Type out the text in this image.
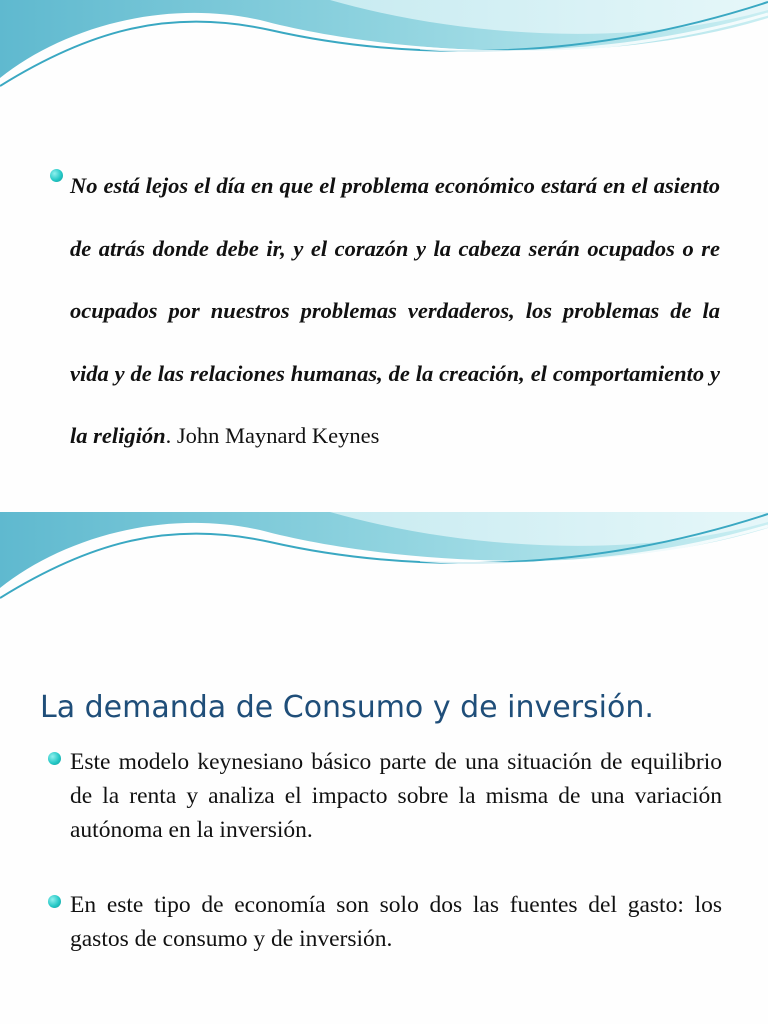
No está lejos el día en que el problema económico estará en el asiento de atrás donde debe ir, y el corazón y la cabeza serán ocupados o re ocupados por nuestros problemas verdaderos, los problemas de la vida y de las relaciones humanas, de la creación, el comportamiento y la religión. John Maynard Keynes
La demanda de Consumo y de inversión.
Este modelo keynesiano básico parte de una situación de equilibrio de la renta y analiza el impacto sobre la misma de una variación autónoma en la inversión.
En este tipo de economía son solo dos las fuentes del gasto: los gastos de consumo y de inversión.
